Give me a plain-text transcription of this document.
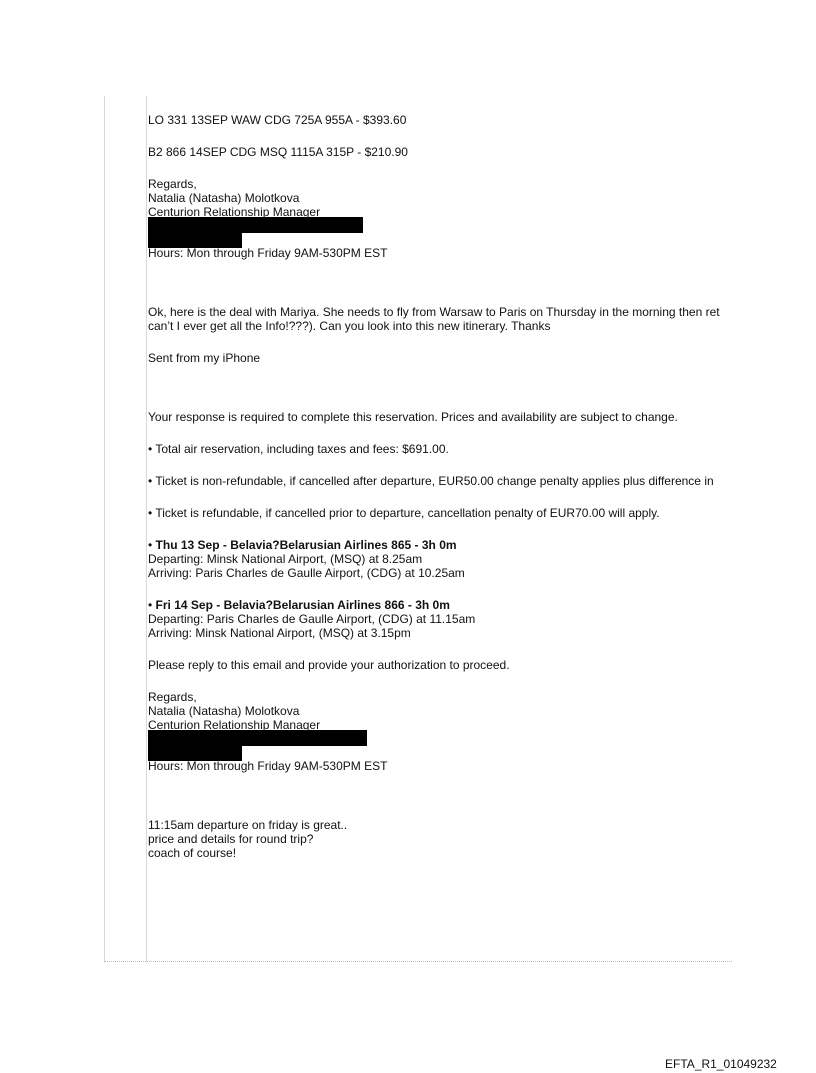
LO 331 13SEP WAW CDG 725A 955A - $393.60

B2 866 14SEP CDG MSQ 1115A 315P - $210.90

Regards,

Natalia (Natasha) Molotkova

Centurion Relationship Manager

Hours: Mon through Friday 9AM-530PM EST

Ok, here is the deal with Mariya. She needs to fly from Warsaw to Paris on Thursday in the morning then ret

can’t I ever get all the Info!???). Can you look into this new itinerary. Thanks

Sent from my iPhone

Your response is required to complete this reservation. Prices and availability are subject to change.

• Total air reservation, including taxes and fees: $691.00.

• Ticket is non-refundable, if cancelled after departure, EUR50.00 change penalty applies plus difference in

• Ticket is refundable, if cancelled prior to departure, cancellation penalty of EUR70.00 will apply.

• Thu 13 Sep - Belavia?Belarusian Airlines 865 - 3h 0m

Departing: Minsk National Airport, (MSQ) at 8.25am

Arriving: Paris Charles de Gaulle Airport, (CDG) at 10.25am

• Fri 14 Sep - Belavia?Belarusian Airlines 866 - 3h 0m

Departing: Paris Charles de Gaulle Airport, (CDG) at 11.15am

Arriving: Minsk National Airport, (MSQ) at 3.15pm

Please reply to this email and provide your authorization to proceed.

Regards,

Natalia (Natasha) Molotkova

Centurion Relationship Manager

Hours: Mon through Friday 9AM-530PM EST

11:15am departure on friday is great..

price and details for round trip?

coach of course!

EFTA_R1_01049232
